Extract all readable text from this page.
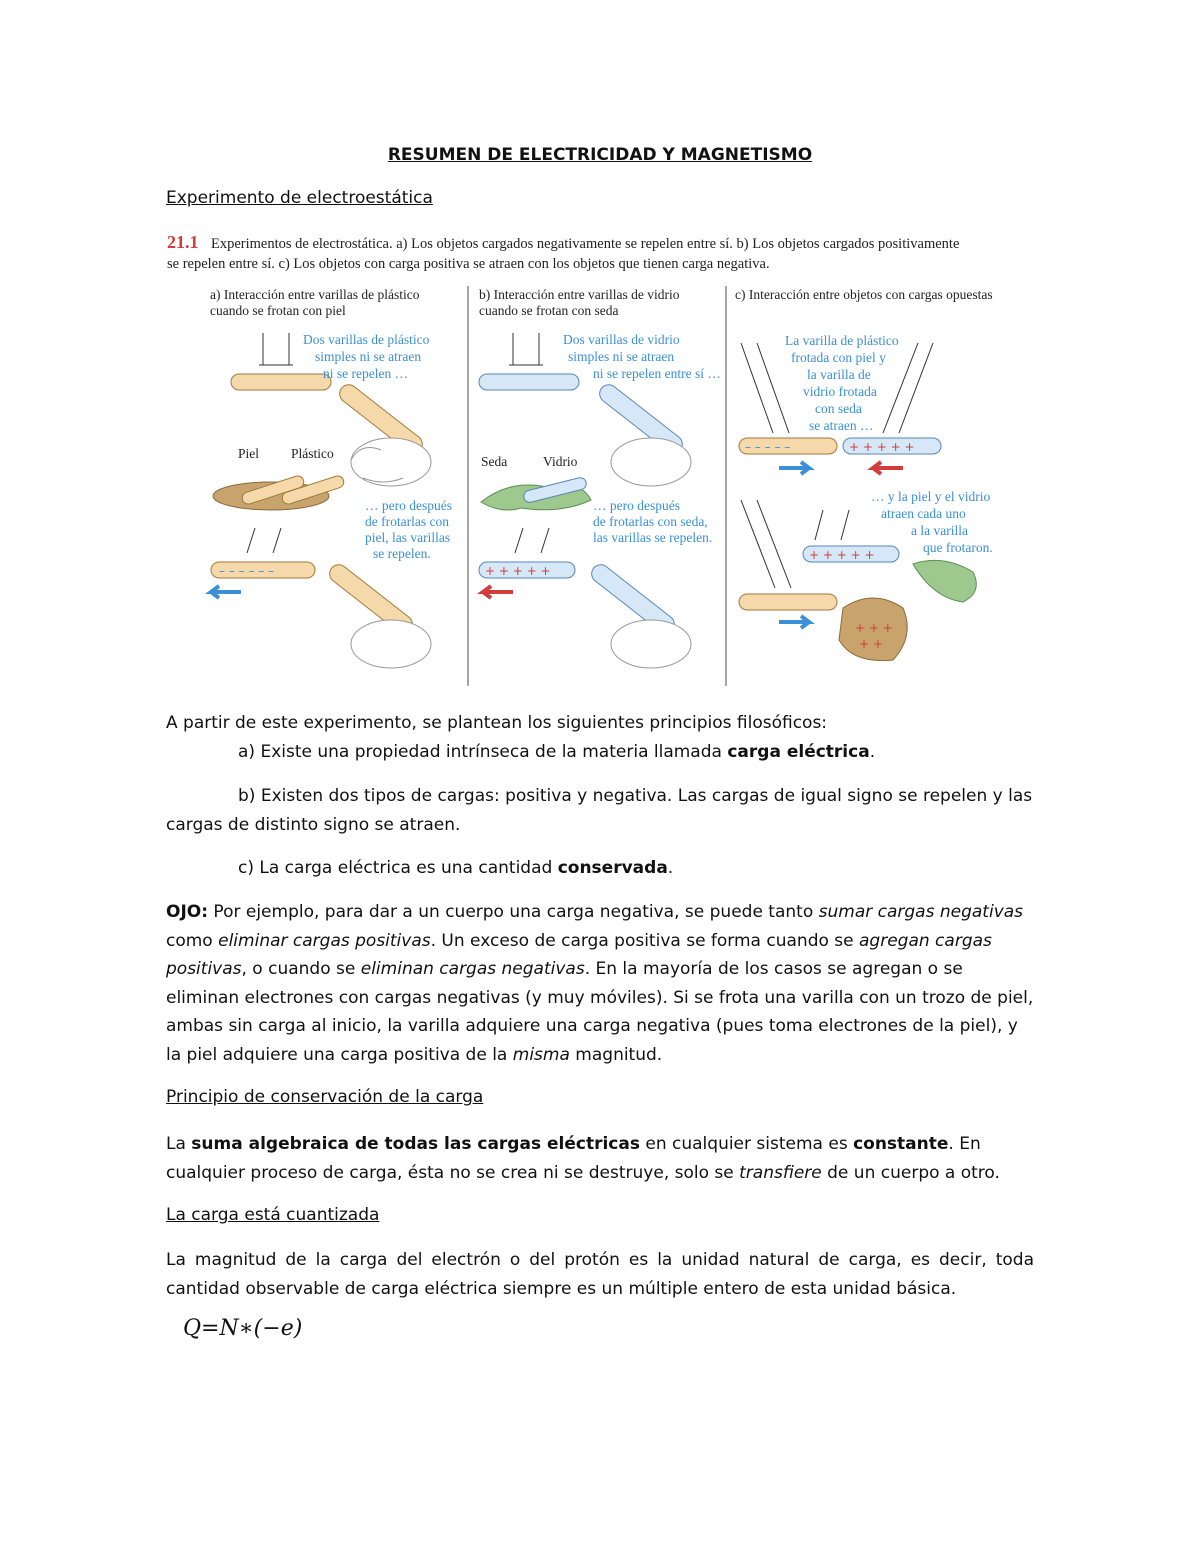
RESUMEN DE ELECTRICIDAD Y MAGNETISMO
Experimento de electroestática
21.1 Experimentos de electrostática. a) Los objetos cargados negativamente se repelen entre sí. b) Los objetos cargados positivamente
se repelen entre sí. c) Los objetos con carga positiva se atraen con los objetos que tienen carga negativa.
a) Interacción entre varillas de plástico
cuando se frotan con piel
Dos varillas de plástico
simples ni se atraen
ni se repelen …
Piel Plástico
… pero después
de frotarlas con
piel, las varillas
se repelen.
– – – – – –
b) Interacción entre varillas de vidrio
cuando se frotan con seda
Dos varillas de vidrio
simples ni se atraen
ni se repelen entre sí …
Seda	Vidrio
… pero después
de frotarlas con seda,
las varillas se repelen.
+ + + + +
c) Interacción entre objetos con cargas opuestas
La varilla de plástico
frotada con piel y
la varilla de
vidrio frotada
con seda
se atraen …
– – – – –	+ + + + +
… y la piel y el vidrio
atraen cada uno
a la varilla
que frotaron.
+ + + + +
+ + +
+ +
A partir de este experimento, se plantean los siguientes principios filosóficos:
a) Existe una propiedad intrínseca de la materia llamada carga eléctrica.
b) Existen dos tipos de cargas: positiva y negativa. Las cargas de igual signo se repelen y las
cargas de distinto signo se atraen.
c) La carga eléctrica es una cantidad conservada.
OJO: Por ejemplo, para dar a un cuerpo una carga negativa, se puede tanto sumar cargas negativas como eliminar cargas positivas. Un exceso de carga positiva se forma cuando se agregan cargas positivas, o cuando se eliminan cargas negativas. En la mayoría de los casos se agregan o se eliminan electrones con cargas negativas (y muy móviles). Si se frota una varilla con un trozo de piel, ambas sin carga al inicio, la varilla adquiere una carga negativa (pues toma electrones de la piel), y la piel adquiere una carga positiva de la misma magnitud.
Principio de conservación de la carga
La suma algebraica de todas las cargas eléctricas en cualquier sistema es constante. En cualquier proceso de carga, ésta no se crea ni se destruye, solo se transfiere de un cuerpo a otro.
La carga está cuantizada
La magnitud de la carga del electrón o del protón es la unidad natural de carga, es decir, toda cantidad observable de carga eléctrica siempre es un múltiple entero de esta unidad básica.
Q=N∗(−e)
